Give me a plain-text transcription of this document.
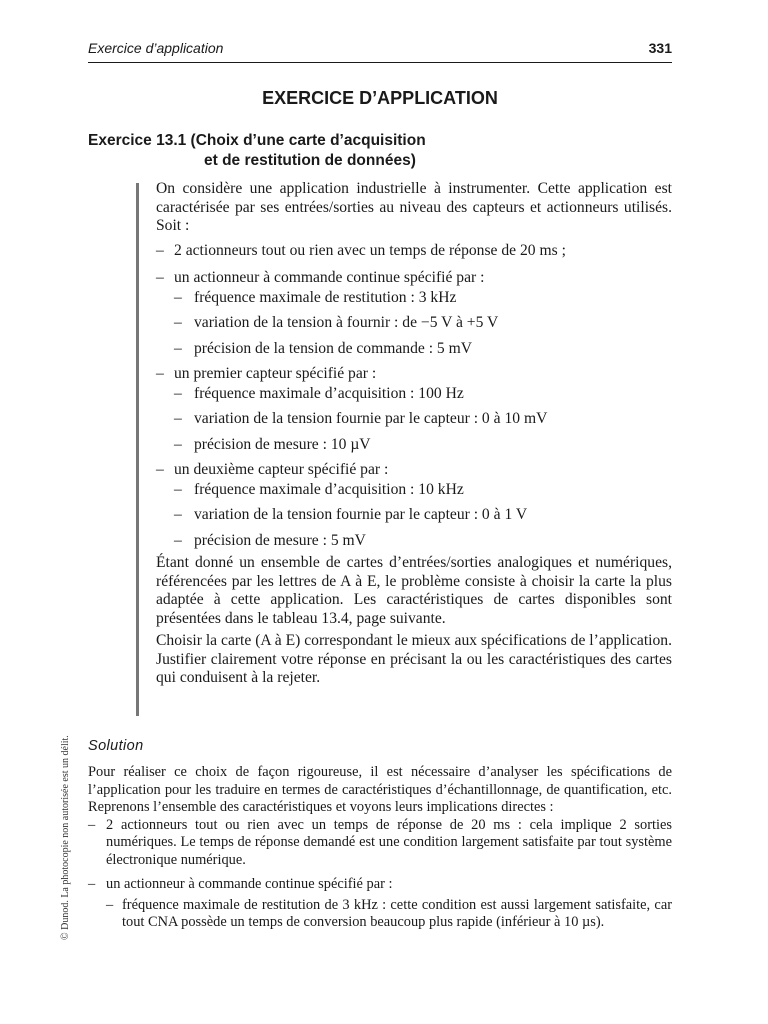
Exercice d’application	331
EXERCICE D’APPLICATION
Exercice 13.1 (Choix d’une carte d’acquisition
et de restitution de données)

On considère une application industrielle à instrumenter. Cette application est caractérisée par ses entrées/sorties au niveau des capteurs et actionneurs utilisés. Soit :

– 2 actionneurs tout ou rien avec un temps de réponse de 20 ms ;
– un actionneur à commande continue spécifié par :
– fréquence maximale de restitution : 3 kHz
– variation de la tension à fournir : de −5 V à +5 V
– précision de la tension de commande : 5 mV
– un premier capteur spécifié par :
– fréquence maximale d’acquisition : 100 Hz
– variation de la tension fournie par le capteur : 0 à 10 mV
– précision de mesure : 10 µV
– un deuxième capteur spécifié par :
– fréquence maximale d’acquisition : 10 kHz
– variation de la tension fournie par le capteur : 0 à 1 V
– précision de mesure : 5 mV

Étant donné un ensemble de cartes d’entrées/sorties analogiques et numériques, référencées par les lettres de A à E, le problème consiste à choisir la carte la plus adaptée à cette application. Les caractéristiques de cartes disponibles sont présentées dans le tableau 13.4, page suivante.

Choisir la carte (A à E) correspondant le mieux aux spécifications de l’application. Justifier clairement votre réponse en précisant la ou les caractéristiques des cartes qui conduisent à la rejeter.

Solution

Pour réaliser ce choix de façon rigoureuse, il est nécessaire d’analyser les spécifications de l’application pour les traduire en termes de caractéristiques d’échantillonnage, de quantification, etc. Reprenons l’ensemble des caractéristiques et voyons leurs implications directes :

– 2 actionneurs tout ou rien avec un temps de réponse de 20 ms : cela implique 2 sorties numériques. Le temps de réponse demandé est une condition largement satisfaite par tout système électronique numérique.
– un actionneur à commande continue spécifié par :
– fréquence maximale de restitution de 3 kHz : cette condition est aussi largement satisfaite, car tout CNA possède un temps de conversion beaucoup plus rapide (inférieur à 10 µs).
© Dunod. La photocopie non autorisée est un délit.
